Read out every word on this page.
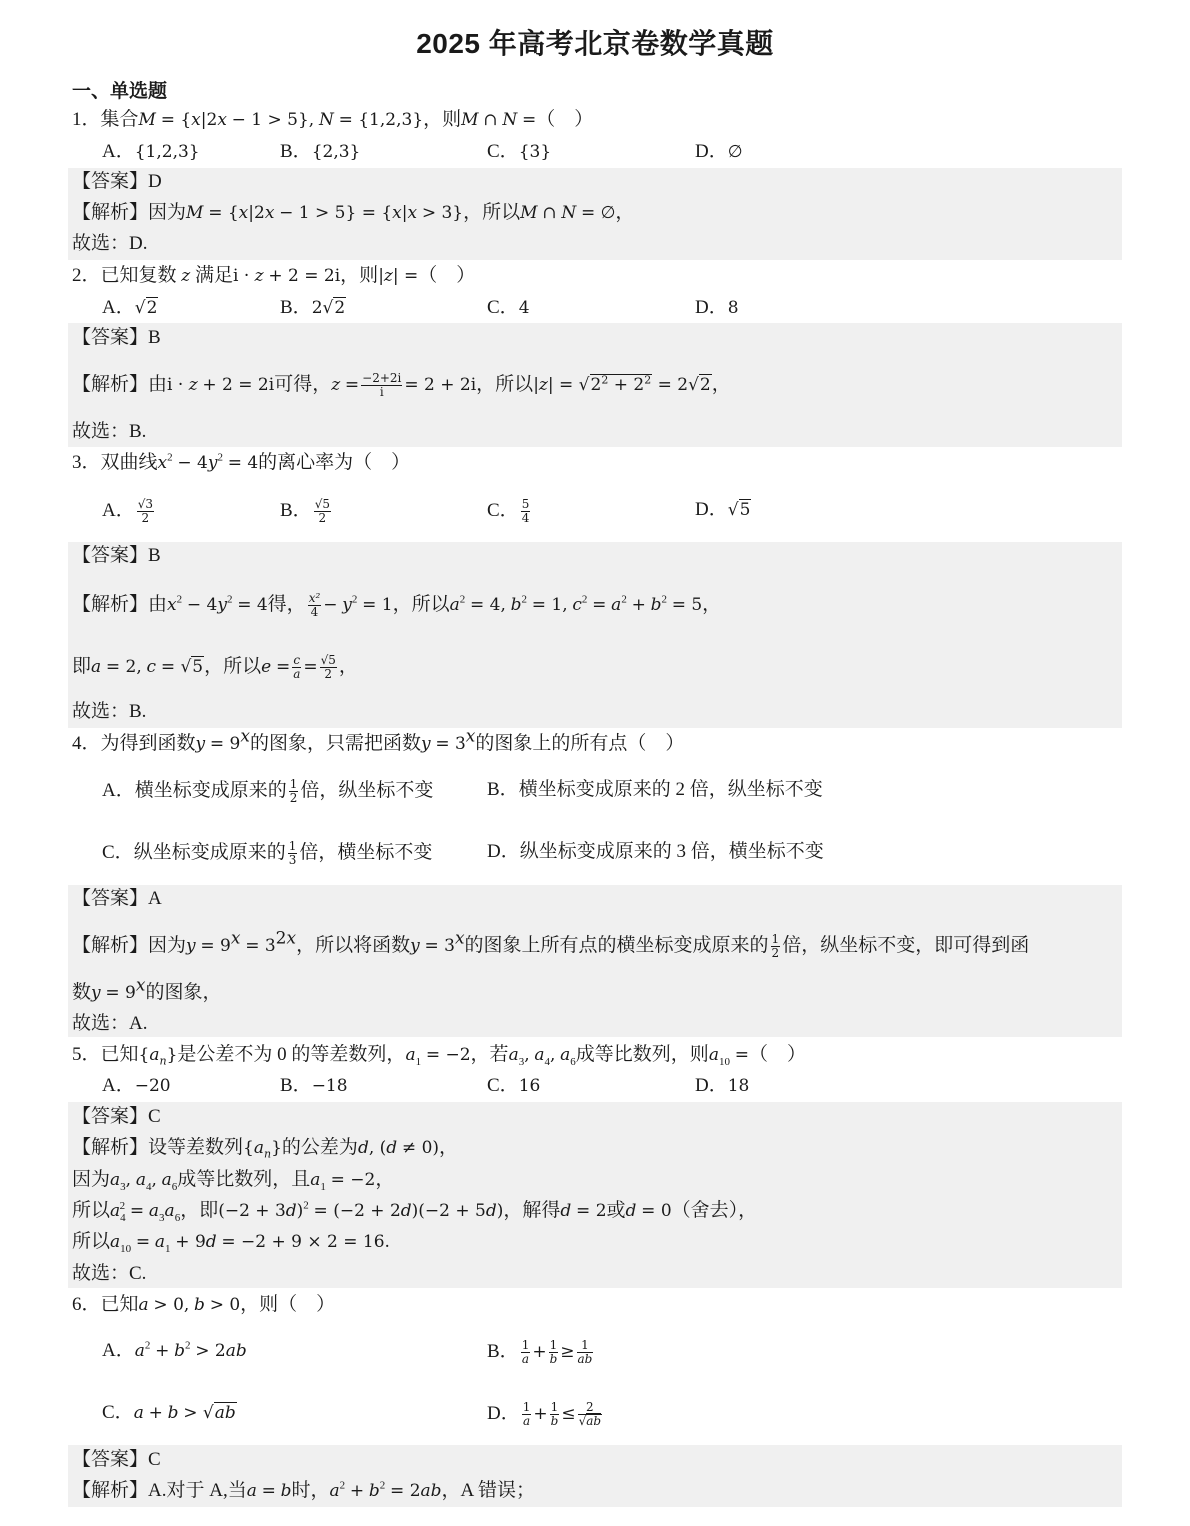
2025 年高考北京卷数学真题
一、单选题
1．集合M = {x|2x − 1 > 5}, N = {1,2,3}，则M ∩ N =（    ）
A．{1,2,3}	B．{2,3}	C．{3}	D．∅
【答案】D
【解析】因为M = {x|2x − 1 > 5} = {x|x > 3}，所以M ∩ N = ∅，
故选：D.
2．已知复数 z 满足i · z + 2 = 2i，则|z| =（    ）
A．√2	B．2√2	C．4	D．8
【答案】B
【解析】由i · z + 2 = 2i可得，$z = \frac{-2+2i}{i} = 2 + 2i$，所以$|z| = √2^2 + 2^2 = 2√2$，
故选：B.
3．双曲线$x^2 - 4y^2 = 4$的离心率为（    ）
A． $\frac{√3}{2}$	B． $\frac{√5}{2}$	C． $\frac{5}{4}$	D．√5
【答案】B
【解析】由$x^2 - 4y^2 = 4$得， $\frac{\text{x²}}{4} - y^2 = 1$，所以$a^2 = 4$, $b^2 = 1$, $c^2 = a^2 + b^2 = 5$，
即a = 2, c = √5，所以$e = \frac{c}{a} = \frac{√5}{2}$ ，
故选：B.
4．为得到函数$y = 9^x$的图象，只需把函数$y = 3^x$的图象上的所有点（    ）
A．横坐标变成原来的 $\frac{1}{2}$ 倍，纵坐标不变	B．横坐标变成原来的 2 倍，纵坐标不变
C．纵坐标变成原来的 $\frac{1}{3}$ 倍，横坐标不变	D．纵坐标变成原来的 3 倍，横坐标不变
【答案】A
【解析】因为$y = 9^x = 3^{2x}$，所以将函数$y = 3^x$的图象上所有点的横坐标变成原来的 $\frac{1}{2}$ 倍，纵坐标不变，即可得到函
数$y = 9^x$的图象，
故选：A.
5．已知$\{a_n\}$是公差不为 0 的等差数列，$a_1 = -2$，若$a_3$, $a_4$, $a_6$成等比数列，则$a_{10}$ =（    ）
A．−20	B．−18	C．16	D．18
【答案】C
【解析】设等差数列$\{a_n\}$的公差为d, (d ≠ 0)，
因为$a_3$, $a_4$, $a_6$成等比数列，且$a_1 = -2$，
所以$a_4^2 = a_3a_6$，即$(-2 + 3d)^2 = (-2 + 2d)(-2 + 5d)$，解得d = 2或d = 0（舍去），
所以$a_{10} = a_1 + 9d = -2 + 9 \times 2 = 16$.
故选：C.
6．已知a > 0, b > 0，则（    ）
A．$a^2 + b^2 > 2ab$	B． $\frac{1}{a} + \frac{1}{b} \ge \frac{1}{ab}$
C．a + b > √ab	D． $\frac{1}{a} + \frac{1}{b} \le \frac{2}{√ab}$
【答案】C
【解析】A.对于 A,当a = b时，$a^2 + b^2 = 2ab$，A 错误；
